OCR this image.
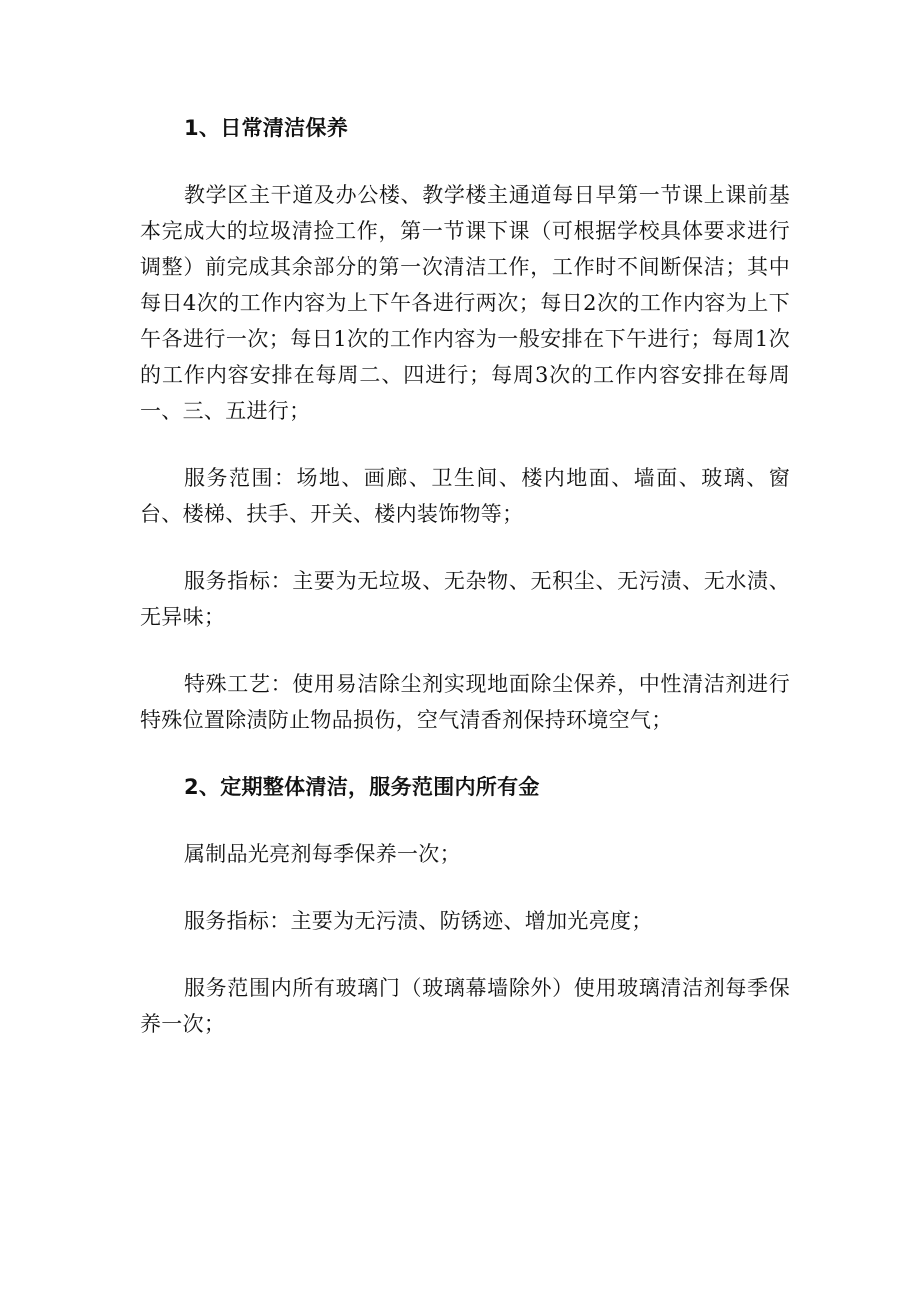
1、日常清洁保养

教学区主干道及办公楼、教学楼主通道每日早第一节课上课前基本完成大的垃圾清捡工作，第一节课下课（可根据学校具体要求进行调整）前完成其余部分的第一次清洁工作，工作时不间断保洁；其中每日4次的工作内容为上下午各进行两次；每日2次的工作内容为上下午各进行一次；每日1次的工作内容为一般安排在下午进行；每周1次的工作内容安排在每周二、四进行；每周3次的工作内容安排在每周一、三、五进行；

服务范围：场地、画廊、卫生间、楼内地面、墙面、玻璃、窗台、楼梯、扶手、开关、楼内装饰物等；

服务指标：主要为无垃圾、无杂物、无积尘、无污渍、无水渍、无异味；

特殊工艺：使用易洁除尘剂实现地面除尘保养，中性清洁剂进行特殊位置除渍防止物品损伤，空气清香剂保持环境空气；

2、定期整体清洁，服务范围内所有金

属制品光亮剂每季保养一次；

服务指标：主要为无污渍、防锈迹、增加光亮度；

服务范围内所有玻璃门（玻璃幕墙除外）使用玻璃清洁剂每季保养一次；
